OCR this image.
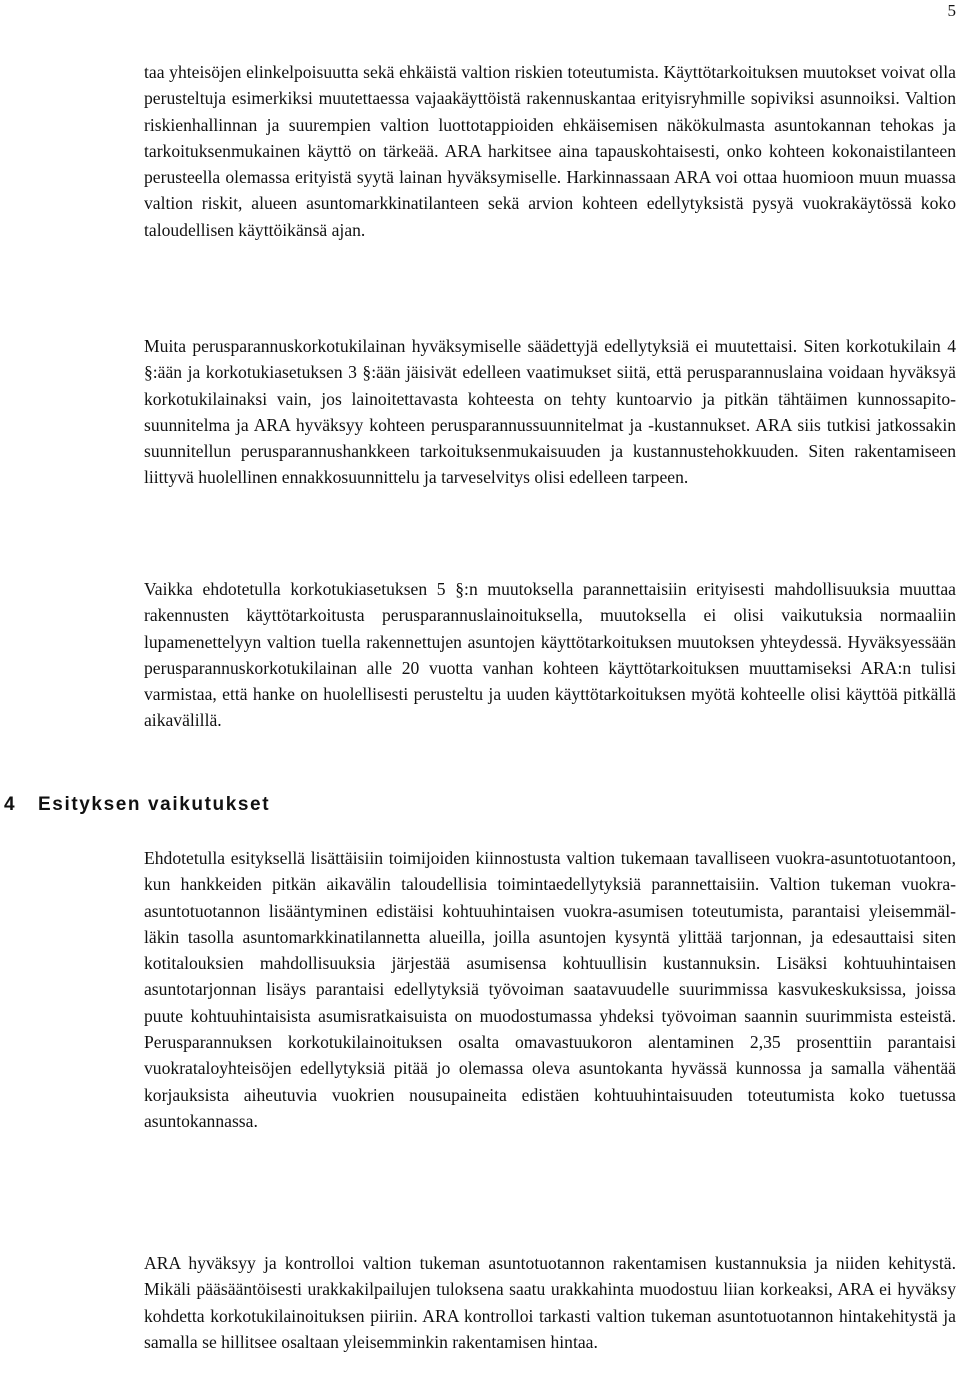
5

taa yhteisöjen elinkelpoisuutta sekä ehkäistä valtion riskien toteutumista. Käyttötarkoituksen muutokset voivat olla perusteltuja esimerkiksi muutettaessa vajaakäyttöistä rakennuskantaa erityisryhmille sopiviksi asunnoiksi. Valtion riskienhallinnan ja suurempien valtion luottotappioiden ehkäisemisen näkökulmasta asuntokannan tehokas ja tarkoituksenmukainen käyttö on tärkeää. ARA harkitsee aina tapauskohtaisesti, onko kohteen kokonaistilanteen perusteella olemassa erityistä syytä lainan hyväksymiselle. Harkinnassaan ARA voi ottaa huomioon muun muassa valtion riskit, alueen asuntomarkkinatilanteen sekä arvion kohteen edellytyksistä pysyä vuokrakäytössä koko taloudellisen käyttöikänsä ajan.

Muita perusparannuskorkotukilainan hyväksymiselle säädettyjä edellytyksiä ei muutettaisi. Siten korkotukilain 4 §:ään ja korkotukiasetuksen 3 §:ään jäisivät edelleen vaatimukset siitä, että perusparannuslaina voidaan hyväksyä korkotukilainaksi vain, jos lainoitettavasta kohteesta on tehty kuntoarvio ja pitkän tähtäimen kunnossapitosuunnitelma ja ARA hyväksyy kohteen perusparannussuunnitelmat ja -kustannukset. ARA siis tutkisi jatkossakin suunnitellun perusparannushankkeen tarkoituksenmukaisuuden ja kustannustehokkuuden. Siten rakentamiseen liittyvä huolellinen ennakkosuunnittelu ja tarveselvitys olisi edelleen tarpeen.

Vaikka ehdotetulla korkotukiasetuksen 5 §:n muutoksella parannettaisiin erityisesti mahdollisuuksia muuttaa rakennusten käyttötarkoitusta perusparannuslainoituksella, muutoksella ei olisi vaikutuksia normaaliin lupamenettelyyn valtion tuella rakennettujen asuntojen käyttötarkoituksen muutoksen yhteydessä. Hyväksyessään perusparannuskorkotukilainan alle 20 vuotta vanhan kohteen käyttötarkoituksen muuttamiseksi ARA:n tulisi varmistaa, että hanke on huolellisesti perusteltu ja uuden käyttötarkoituksen myötä kohteelle olisi käyttöä pitkällä aikavälillä.

4 Esityksen vaikutukset

Ehdotetulla esityksellä lisättäisiin toimijoiden kiinnostusta valtion tukemaan tavalliseen vuokra-asuntotuotantoon, kun hankkeiden pitkän aikavälin taloudellisia toimintaedellytyksiä parannettaisiin. Valtion tukeman vuokra-asuntotuotannon lisääntyminen edistäisi kohtuuhintaisen vuokra-asumisen toteutumista, parantaisi yleisemmälläkin tasolla asuntomarkkinatilannetta alueilla, joilla asuntojen kysyntä ylittää tarjonnan, ja edesauttaisi siten kotitalouksien mahdollisuuksia järjestää asumisensa kohtuullisin kustannuksin. Lisäksi kohtuuhintaisen asuntotarjonnan lisäys parantaisi edellytyksiä työvoiman saatavuudelle suurimmissa kasvukeskuksissa, joissa puute kohtuuhintaisista asumisratkaisuista on muodostumassa yhdeksi työvoiman saannin suurimmista esteistä. Perusparannuksen korkotukilainoituksen osalta omavastuukoron alentaminen 2,35 prosenttiin parantaisi vuokrataloyhteisöjen edellytyksiä pitää jo olemassa oleva asuntokanta hyvässä kunnossa ja samalla vähentää korjauksista aiheutuvia vuokrien nousupaineita edistäen kohtuuhintaisuuden toteutumista koko tuetussa asuntokannassa.

ARA hyväksyy ja kontrolloi valtion tukeman asuntotuotannon rakentamisen kustannuksia ja niiden kehitystä. Mikäli pääsääntöisesti urakkakilpailujen tuloksena saatu urakkahinta muodostuu liian korkeaksi, ARA ei hyväksy kohdetta korkotukilainoituksen piiriin. ARA kontrolloi tarkasti valtion tukeman asuntotuotannon hintakehitystä ja samalla se hillitsee osaltaan yleisemminkin rakentamisen hintaa.
